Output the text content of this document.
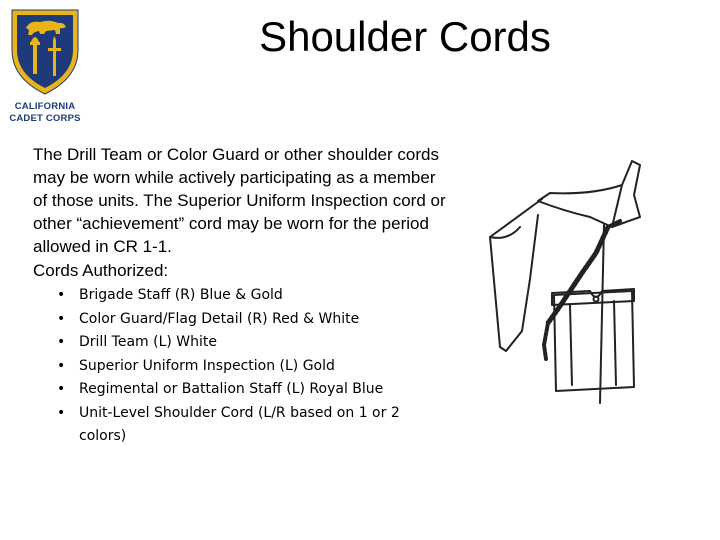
CALIFORNIA
CADET CORPS
Shoulder Cords

The Drill Team or Color Guard or other shoulder cords may be worn while actively participating as a member of those units. The Superior Uniform Inspection cord or other “achievement” cord may be worn for the period allowed in CR 1-1.

Cords Authorized:

• Brigade Staff (R) Blue & Gold
• Color Guard/Flag Detail (R) Red & White
• Drill Team (L) White
• Superior Uniform Inspection (L) Gold
• Regimental or Battalion Staff (L) Royal Blue
• Unit-Level Shoulder Cord (L/R based on 1 or 2 colors)
